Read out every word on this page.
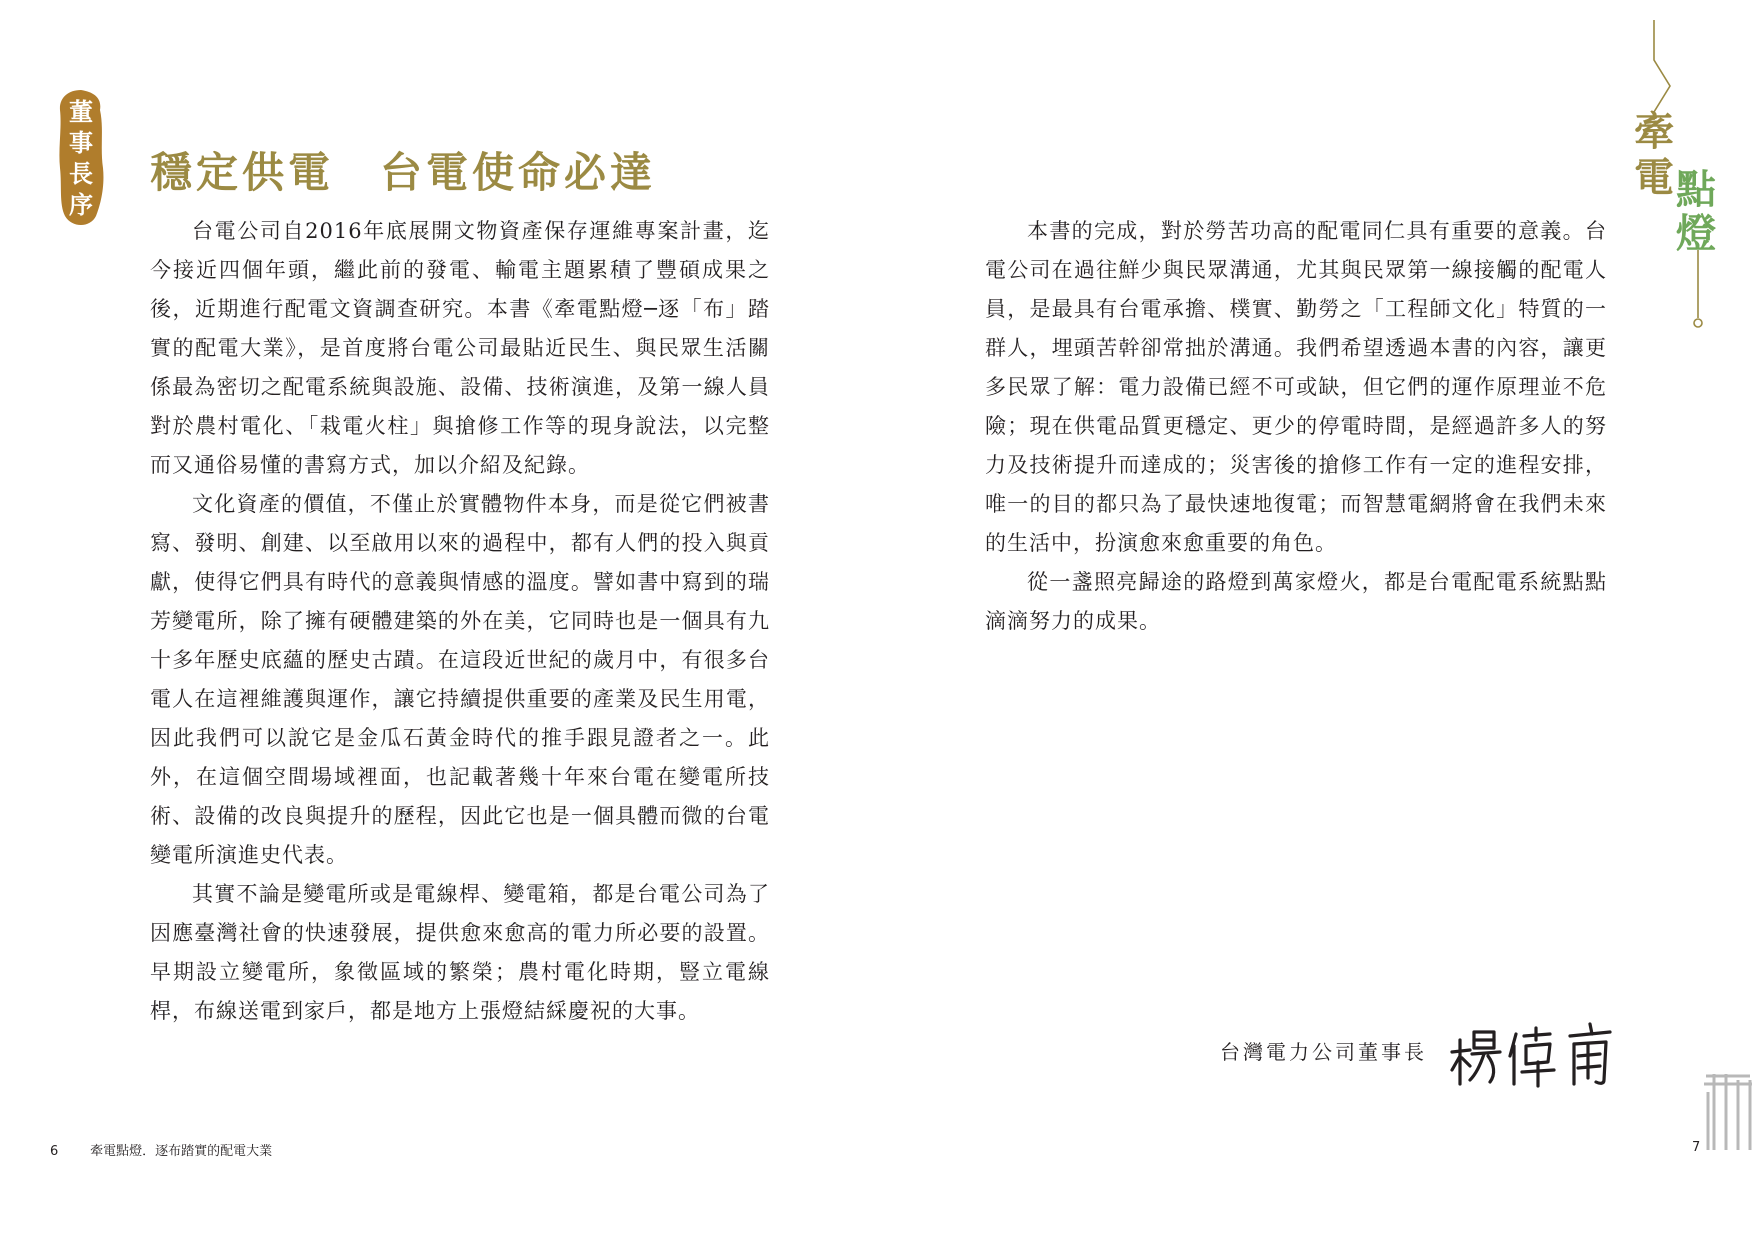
董
事
長
序
穩定供電　台電使命必達

台電公司自2016年底展開文物資產保存運維專案計畫，迄今接近四個年頭，繼此前的發電、輸電主題累積了豐碩成果之後，近期進行配電文資調查研究。本書《牽電點燈─逐「布」踏實的配電大業》，是首度將台電公司最貼近民生、與民眾生活關係最為密切之配電系統與設施、設備、技術演進，及第一線人員對於農村電化、「栽電火柱」與搶修工作等的現身說法，以完整而又通俗易懂的書寫方式，加以介紹及紀錄。

文化資產的價值，不僅止於實體物件本身，而是從它們被書寫、發明、創建、以至啟用以來的過程中，都有人們的投入與貢獻，使得它們具有時代的意義與情感的溫度。譬如書中寫到的瑞芳變電所，除了擁有硬體建築的外在美，它同時也是一個具有九十多年歷史底蘊的歷史古蹟。在這段近世紀的歲月中，有很多台電人在這裡維護與運作，讓它持續提供重要的產業及民生用電，因此我們可以說它是金瓜石黃金時代的推手跟見證者之一。此外，在這個空間場域裡面，也記載著幾十年來台電在變電所技術、設備的改良與提升的歷程，因此它也是一個具體而微的台電變電所演進史代表。

其實不論是變電所或是電線桿、變電箱，都是台電公司為了因應臺灣社會的快速發展，提供愈來愈高的電力所必要的設置。早期設立變電所，象徵區域的繁榮；農村電化時期，豎立電線桿，布線送電到家戶，都是地方上張燈結綵慶祝的大事。

本書的完成，對於勞苦功高的配電同仁具有重要的意義。台電公司在過往鮮少與民眾溝通，尤其與民眾第一線接觸的配電人員，是最具有台電承擔、樸實、勤勞之「工程師文化」特質的一群人，埋頭苦幹卻常拙於溝通。我們希望透過本書的內容，讓更多民眾了解：電力設備已經不可或缺，但它們的運作原理並不危險；現在供電品質更穩定、更少的停電時間，是經過許多人的努力及技術提升而達成的；災害後的搶修工作有一定的進程安排，唯一的目的都只為了最快速地復電；而智慧電網將會在我們未來的生活中，扮演愈來愈重要的角色。

從一盞照亮歸途的路燈到萬家燈火，都是台電配電系統點點滴滴努力的成果。

台灣電力公司董事長
6 牽電點燈．逐布踏實的配電大業	7
牽
電 點
燈
